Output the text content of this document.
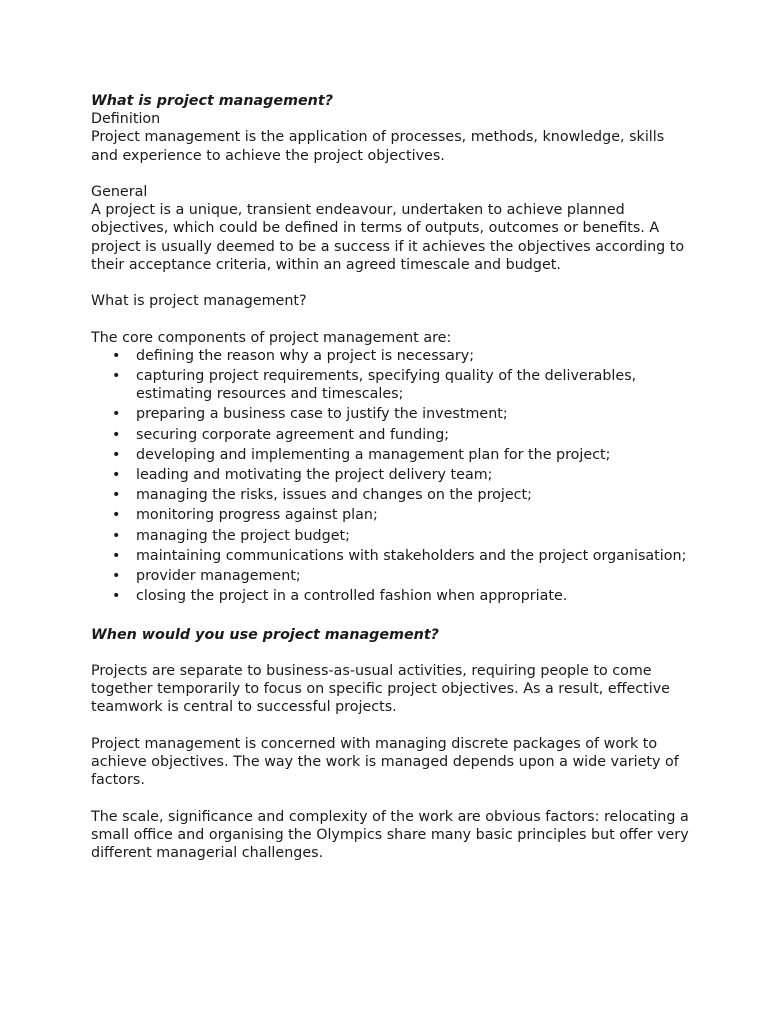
What is project management?

Definition

Project management is the application of processes, methods, knowledge, skills and experience to achieve the project objectives.

General

A project is a unique, transient endeavour, undertaken to achieve planned objectives, which could be defined in terms of outputs, outcomes or benefits. A project is usually deemed to be a success if it achieves the objectives according to their acceptance criteria, within an agreed timescale and budget.

What is project management?

The core components of project management are:

• defining the reason why a project is necessary;
• capturing project requirements, specifying quality of the deliverables, estimating resources and timescales;
• preparing a business case to justify the investment;
• securing corporate agreement and funding;
• developing and implementing a management plan for the project;
• leading and motivating the project delivery team;
• managing the risks, issues and changes on the project;
• monitoring progress against plan;
• managing the project budget;
• maintaining communications with stakeholders and the project organisation;
• provider management;
• closing the project in a controlled fashion when appropriate.

When would you use project management?

Projects are separate to business-as-usual activities, requiring people to come together temporarily to focus on specific project objectives. As a result, effective teamwork is central to successful projects.

Project management is concerned with managing discrete packages of work to achieve objectives. The way the work is managed depends upon a wide variety of factors.

The scale, significance and complexity of the work are obvious factors: relocating a small office and organising the Olympics share many basic principles but offer very different managerial challenges.
